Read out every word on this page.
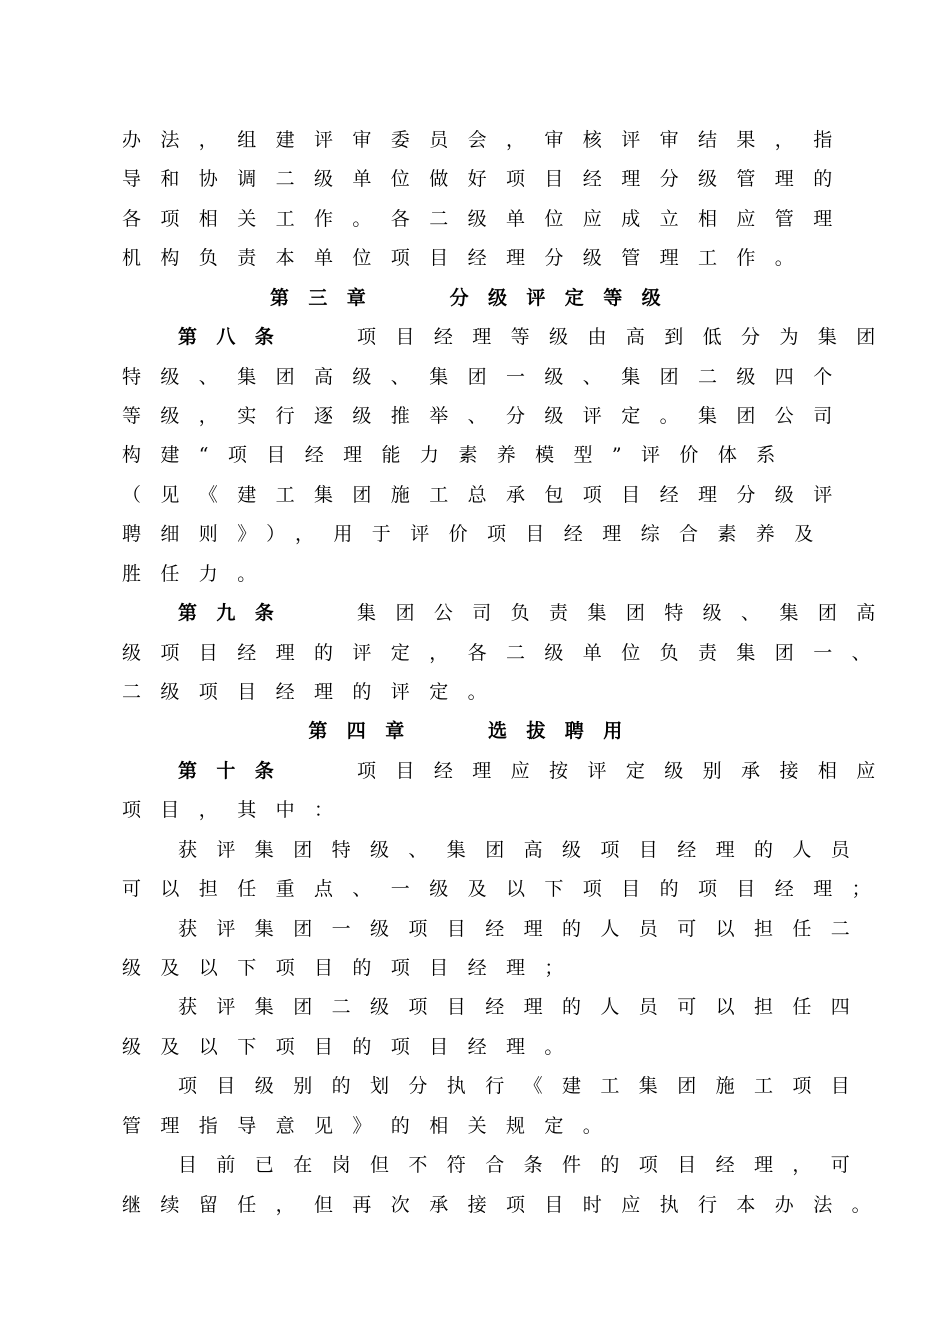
办法，组建评审委员会，审核评审结果，指
导和协调二级单位做好项目经理分级管理的
各项相关工作。各二级单位应成立相应管理
机构负责本单位项目经理分级管理工作。
第三章　 分级评定等级
第八条　 项目经理等级由高到低分为集团
特级、集团高级、集团一级、集团二级四个
等级，实行逐级推举、分级评定。集团公司
构建“项目经理能力素养模型”评价体系
（见《建工集团施工总承包项目经理分级评
聘细则》），用于评价项目经理综合素养及
胜任力。
第九条　 集团公司负责集团特级、集团高
级项目经理的评定，各二级单位负责集团一、
二级项目经理的评定。
第四章　 选拔聘用
第十条　 项目经理应按评定级别承接相应
项目，其中：
获评集团特级、集团高级项目经理的人员
可以担任重点、一级及以下项目的项目经理；
获评集团一级项目经理的人员可以担任二
级及以下项目的项目经理；
获评集团二级项目经理的人员可以担任四
级及以下项目的项目经理。
项目级别的划分执行《建工集团施工项目
管理指导意见》的相关规定。
目前已在岗但不符合条件的项目经理，可
继续留任，但再次承接项目时应执行本办法。
